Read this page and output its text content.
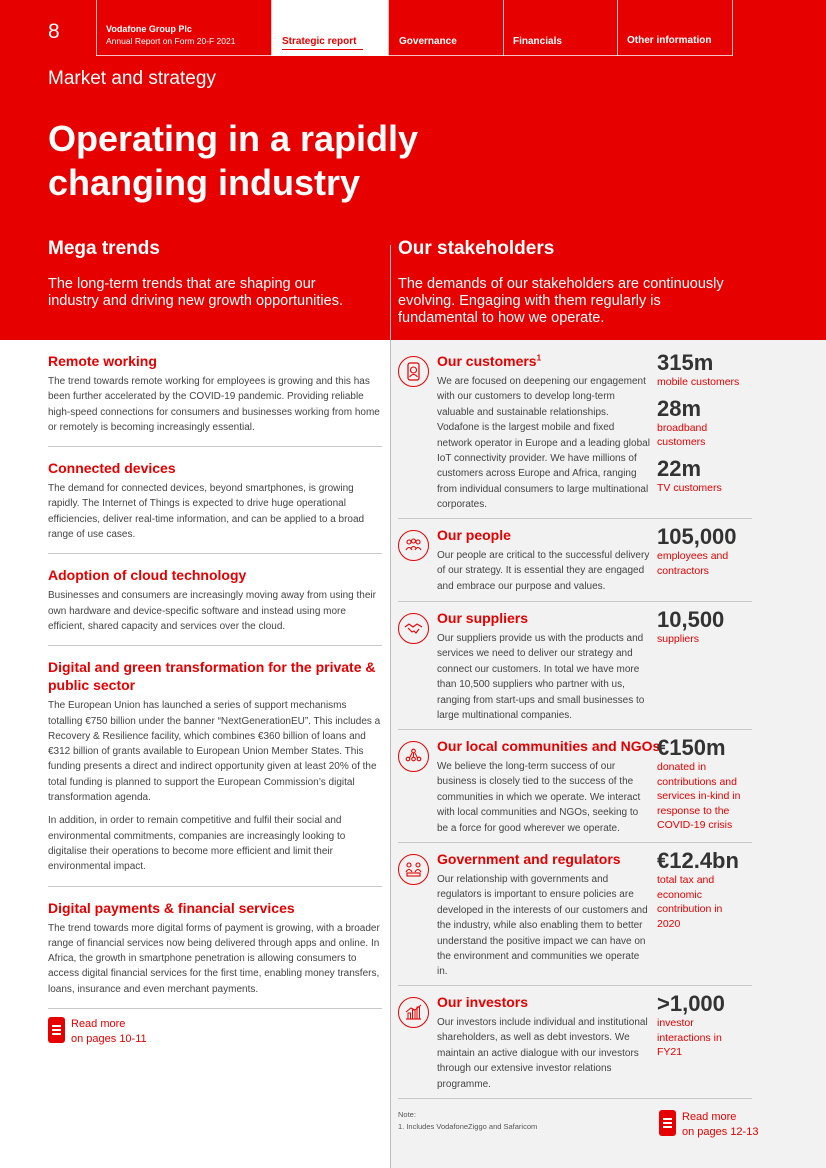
8	Vodafone Group Plc
Annual Report on Form 20-F 2021	Strategic report	Governance	Financials	Other information
Market and strategy
Operating in a rapidly changing industry
Mega trends
The long-term trends that are shaping our industry and driving new growth opportunities.
Our stakeholders
The demands of our stakeholders are continuously evolving. Engaging with them regularly is fundamental to how we operate.
Remote working

The trend towards remote working for employees is growing and this has been further accelerated by the COVID-19 pandemic. Providing reliable high-speed connections for consumers and businesses working from home or remotely is becoming increasingly essential.

Connected devices

The demand for connected devices, beyond smartphones, is growing rapidly. The Internet of Things is expected to drive huge operational efficiencies, deliver real-time information, and can be applied to a broad range of use cases.

Adoption of cloud technology

Businesses and consumers are increasingly moving away from using their own hardware and device-specific software and instead using more efficient, shared capacity and services over the cloud.

Digital and green transformation for the private & public sector

The European Union has launched a series of support mechanisms totalling €750 billion under the banner “NextGenerationEU”. This includes a Recovery & Resilience facility, which combines €360 billion of loans and €312 billion of grants available to European Union Member States. This funding presents a direct and indirect opportunity given at least 20% of the total funding is planned to support the European Commission’s digital transformation agenda.

In addition, in order to remain competitive and fulfil their social and environmental commitments, companies are increasingly looking to digitalise their operations to become more efficient and limit their environmental impact.

Digital payments & financial services

The trend towards more digital forms of payment is growing, with a broader range of financial services now being delivered through apps and online. In Africa, the growth in smartphone penetration is allowing consumers to access digital financial services for the first time, enabling money transfers, loans, insurance and even merchant payments.

Read more
on pages 10-11
Our customers$^1$
We are focused on deepening our engagement with our customers to develop long-term valuable and sustainable relationships. Vodafone is the largest mobile and fixed network operator in Europe and a leading global IoT connectivity provider. We have millions of customers across Europe and Africa, ranging from individual consumers to large multinational corporates.
315m
mobile customers
28m
broadband customers
22m
TV customers
Our people
Our people are critical to the successful delivery of our strategy. It is essential they are engaged and embrace our purpose and values.
105,000
employees and contractors
Our suppliers
Our suppliers provide us with the products and services we need to deliver our strategy and connect our customers. In total we have more than 10,500 suppliers who partner with us, ranging from start-ups and small businesses to large multinational companies.
10,500
suppliers
Our local communities and NGOs
We believe the long-term success of our business is closely tied to the success of the communities in which we operate. We interact with local communities and NGOs, seeking to be a force for good wherever we operate.
€150m
donated in contributions and services in-kind in response to the COVID-19 crisis
Government and regulators
Our relationship with governments and regulators is important to ensure policies are developed in the interests of our customers and the industry, while also enabling them to better understand the positive impact we can have on the environment and communities we operate in.
€12.4bn
total tax and economic contribution in 2020
Our investors
Our investors include individual and institutional shareholders, as well as debt investors. We maintain an active dialogue with our investors through our extensive investor relations programme.
>1,000
investor interactions in FY21
Note:
1. Includes VodafoneZiggo and Safaricom
Read more
on pages 12-13
